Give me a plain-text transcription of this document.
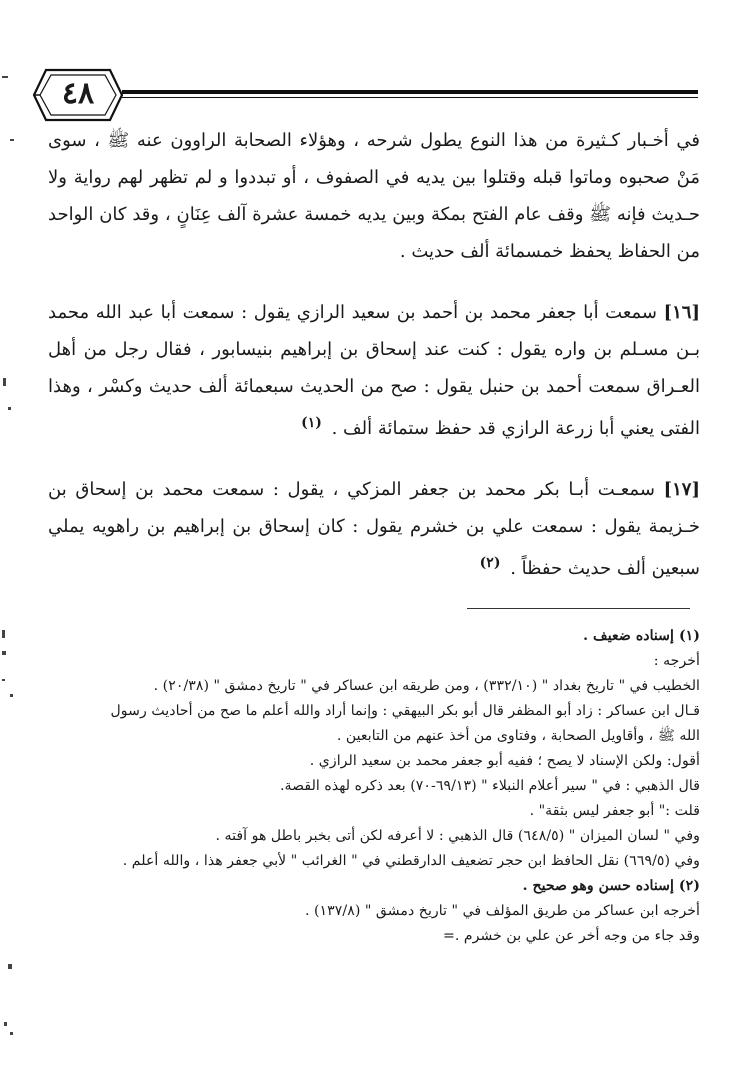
٤٨

في أخـبار كـثيرة من هذا النوع يطول شرحه ، وهؤلاء الصحابة الراوون عنه ﷺ ، سوى مَنْ صحبوه وماتوا قبله وقتلوا بين يديه في الصفوف ، أو تبددوا و لم تظهر لهم رواية ولا حـديث فإنه ﷺ وقف عام الفتح بمكة وبين يديه خمسة عشرة آلف عِنَانٍ ، وقد كان الواحد من الحفاظ يحفظ خمسمائة ألف حديث .

[١٦] سمعت أبا جعفر محمد بن أحمد بن سعيد الرازي يقول : سمعت أبا عبد الله محمد بـن مسـلم بن واره يقول : كنت عند إسحاق بن إبراهيم بنيسابور ، فقال رجل من أهل العـراق سمعت أحمد بن حنبل يقول : صح من الحديث سبعمائة ألف حديث وكسْر ، وهذا الفتى يعني أبا زرعة الرازي قد حفظ ستمائة ألف . $^{(١)}$

[١٧] سمعـت أبـا بكر محمد بن جعفر المزكي ، يقول : سمعت محمد بن إسحاق بن خـزيمة يقول : سمعت علي بن خشرم يقول : كان إسحاق بن إبراهيم بن راهويه يملي سبعين ألف حديث حفظاً . $^{(٢)}$

(١) إسناده ضعيف .
أخرجه :
الخطيب في " تاريخ بغداد " (٣٣٢/١٠) ، ومن طريقه ابن عساكر في " تاريخ دمشق " (٢٠/٣٨) .
قـال ابن عساكر : زاد أبو المظفر قال أبو بكر البيهقي : وإنما أراد والله أعلم ما صح من أحاديث رسول
الله ﷺ ، وأقاويل الصحابة ، وفتاوى من أخذ عنهم من التابعين .
أقول: ولكن الإسناد لا يصح ؛ ففيه أبو جعفر محمد بن سعيد الرازي .
قال الذهبي : في " سير أعلام النبلاء " (٦٩/١٣-٧٠) بعد ذكره لهذه القصة.
قلت :" أبو جعفر ليس بثقة" .
وفي " لسان الميزان " (٦٤٨/٥) قال الذهبي : لا أعرفه لكن أتى بخبر باطل هو آفته .
وفي (٦٦٩/٥) نقل الحافظ ابن حجر تضعيف الدارقطني في " الغرائب " لأبي جعفر هذا ، والله أعلم .
(٢) إسناده حسن وهو صحيح .
أخرجه ابن عساكر من طريق المؤلف في " تاريخ دمشق " (١٣٧/٨) .
وقد جاء من وجه أخر عن علي بن خشرم .=
